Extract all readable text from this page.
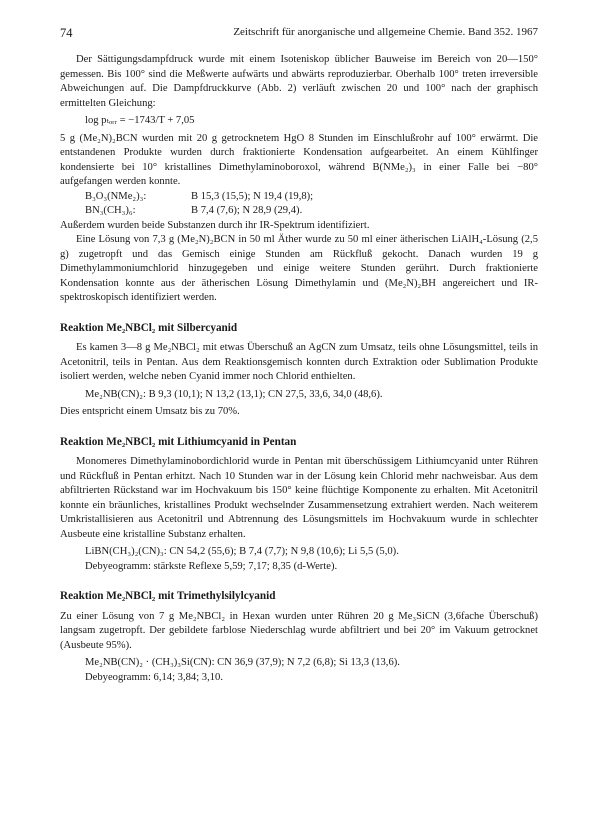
74	Zeitschrift für anorganische und allgemeine Chemie. Band 352. 1967

Der Sättigungsdampfdruck wurde mit einem Isoteniskop üblicher Bauweise im Bereich von 20—150° gemessen. Bis 100° sind die Meßwerte aufwärts und abwärts reproduzierbar. Oberhalb 100° treten irreversible Abweichungen auf. Die Dampfdruckkurve (Abb. 2) verläuft zwischen 20 und 100° nach der graphisch ermittelten Gleichung:

log pₜₒᵣᵣ = −1743/T + 7,05

5 g (Me₂N)₂BCN wurden mit 20 g getrocknetem HgO 8 Stunden im Einschlußrohr auf 100° erwärmt. Die entstandenen Produkte wurden durch fraktionierte Kondensation aufgearbeitet. An einem Kühlfinger kondensierte bei 10° kristallines Dimethylaminoboroxol, während B(NMe₂)₃ in einer Falle bei −80° aufgefangen werden konnte.

B₃O₃(NMe₂)₃:	B 15,3 (15,5); N 19,4 (19,8);
BN₃(CH₃)₆:	B 7,4 (7,6); N 28,9 (29,4).

Außerdem wurden beide Substanzen durch ihr IR-Spektrum identifiziert.

Eine Lösung von 7,3 g (Me₂N)₂BCN in 50 ml Äther wurde zu 50 ml einer ätherischen LiAlH₄-Lösung (2,5 g) zugetropft und das Gemisch einige Stunden am Rückfluß gekocht. Danach wurden 19 g Dimethylammoniumchlorid hinzugegeben und einige weitere Stunden gerührt. Durch fraktionierte Kondensation konnte aus der ätherischen Lösung Dimethylamin und (Me₂N)₂BH angereichert und IR-spektroskopisch identifiziert werden.

Reaktion Me₂NBCl₂ mit Silbercyanid

Es kamen 3—8 g Me₂NBCl₂ mit etwas Überschuß an AgCN zum Umsatz, teils ohne Lösungsmittel, teils in Acetonitril, teils in Pentan. Aus dem Reaktionsgemisch konnten durch Extraktion oder Sublimation Produkte isoliert werden, welche neben Cyanid immer noch Chlorid enthielten.

Me₂NB(CN)₂: B 9,3 (10,1); N 13,2 (13,1); CN 27,5, 33,6, 34,0 (48,6).

Dies entspricht einem Umsatz bis zu 70%.

Reaktion Me₂NBCl₂ mit Lithiumcyanid in Pentan

Monomeres Dimethylaminobordichlorid wurde in Pentan mit überschüssigem Lithiumcyanid unter Rühren und Rückfluß in Pentan erhitzt. Nach 10 Stunden war in der Lösung kein Chlorid mehr nachweisbar. Aus dem abfiltrierten Rückstand war im Hochvakuum bis 150° keine flüchtige Komponente zu erhalten. Mit Acetonitril konnte ein bräunliches, kristallines Produkt wechselnder Zusammensetzung extrahiert werden. Nach weiterem Umkristallisieren aus Acetonitril und Abtrennung des Lösungsmittels im Hochvakuum wurde in schlechter Ausbeute eine kristalline Substanz erhalten.

LiBN(CH₃)₂(CN)₃: CN 54,2 (55,6); B 7,4 (7,7); N 9,8 (10,6); Li 5,5 (5,0).
Debyeogramm: stärkste Reflexe 5,59; 7,17; 8,35 (d-Werte).
Reaktion Me₂NBCl₂ mit Trimethylsilylcyanid

Zu einer Lösung von 7 g Me₂NBCl₂ in Hexan wurden unter Rühren 20 g Me₃SiCN (3,6fache Überschuß) langsam zugetropft. Der gebildete farblose Niederschlag wurde abfiltriert und bei 20° im Vakuum getrocknet (Ausbeute 95%).

Me₂NB(CN)₂ · (CH₃)₃Si(CN): CN 36,9 (37,9); N 7,2 (6,8); Si 13,3 (13,6).
Debyeogramm: 6,14; 3,84; 3,10.
